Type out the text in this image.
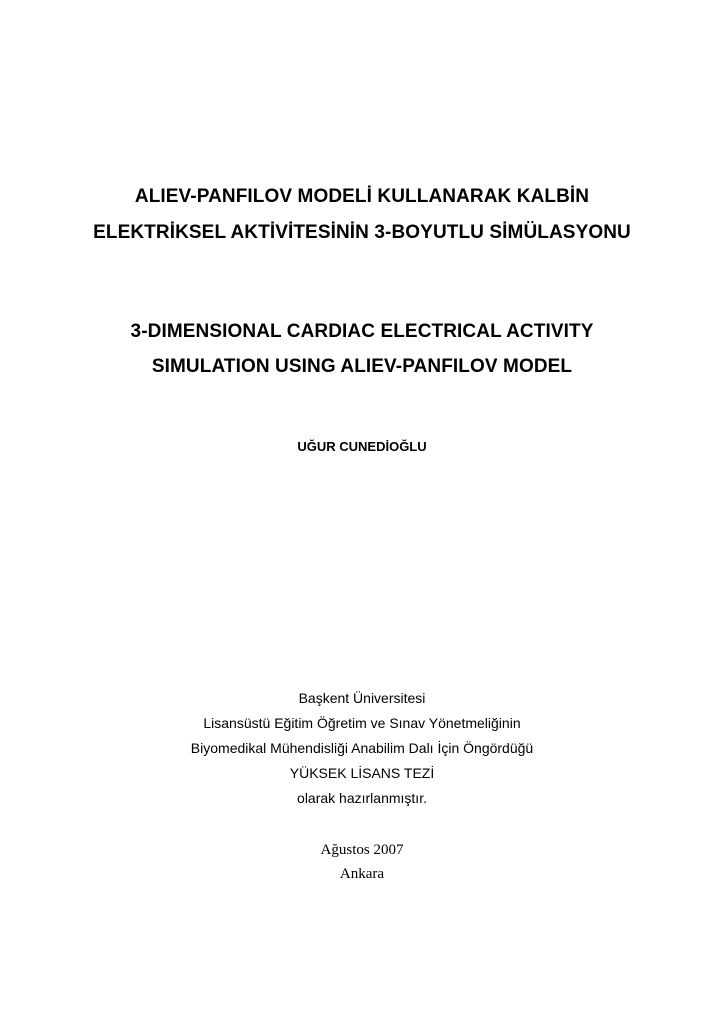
ALIEV-PANFILOV MODELİ KULLANARAK KALBİN
ELEKTRİKSEL AKTİVİTESİNİN 3-BOYUTLU SİMÜLASYONU
3-DIMENSIONAL CARDIAC ELECTRICAL ACTIVITY
SIMULATION USING ALIEV-PANFILOV MODEL
UĞUR CUNEDİOĞLU
Başkent Üniversitesi
Lisansüstü Eğitim Öğretim ve Sınav Yönetmeliğinin
Biyomedikal Mühendisliği Anabilim Dalı İçin Öngördüğü
YÜKSEK LİSANS TEZİ
olarak hazırlanmıştır.
Ağustos 2007
Ankara
